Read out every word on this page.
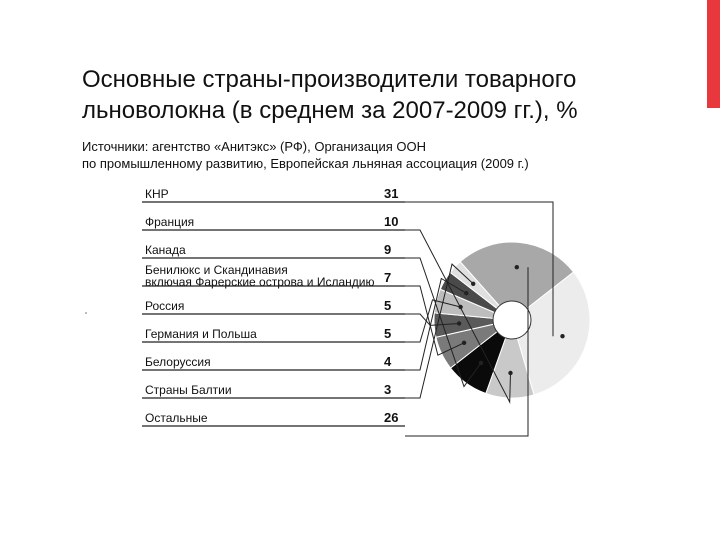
Основные страны-производители товарного льноволокна (в среднем за 2007-2009 гг.), %

Источники: агентство «Анитэкс» (РФ), Организация ООН
по промышленному развитию, Европейская льняная ассоциация (2009 г.)

КНР	31
Франция	10
Канада	9
Бенилюкс и Скандинавия включая Фарерские острова и Исландию 7
Россия	5
Германия и Польша	5
Белоруссия	4
Страны Балтии	3
Остальные	26
